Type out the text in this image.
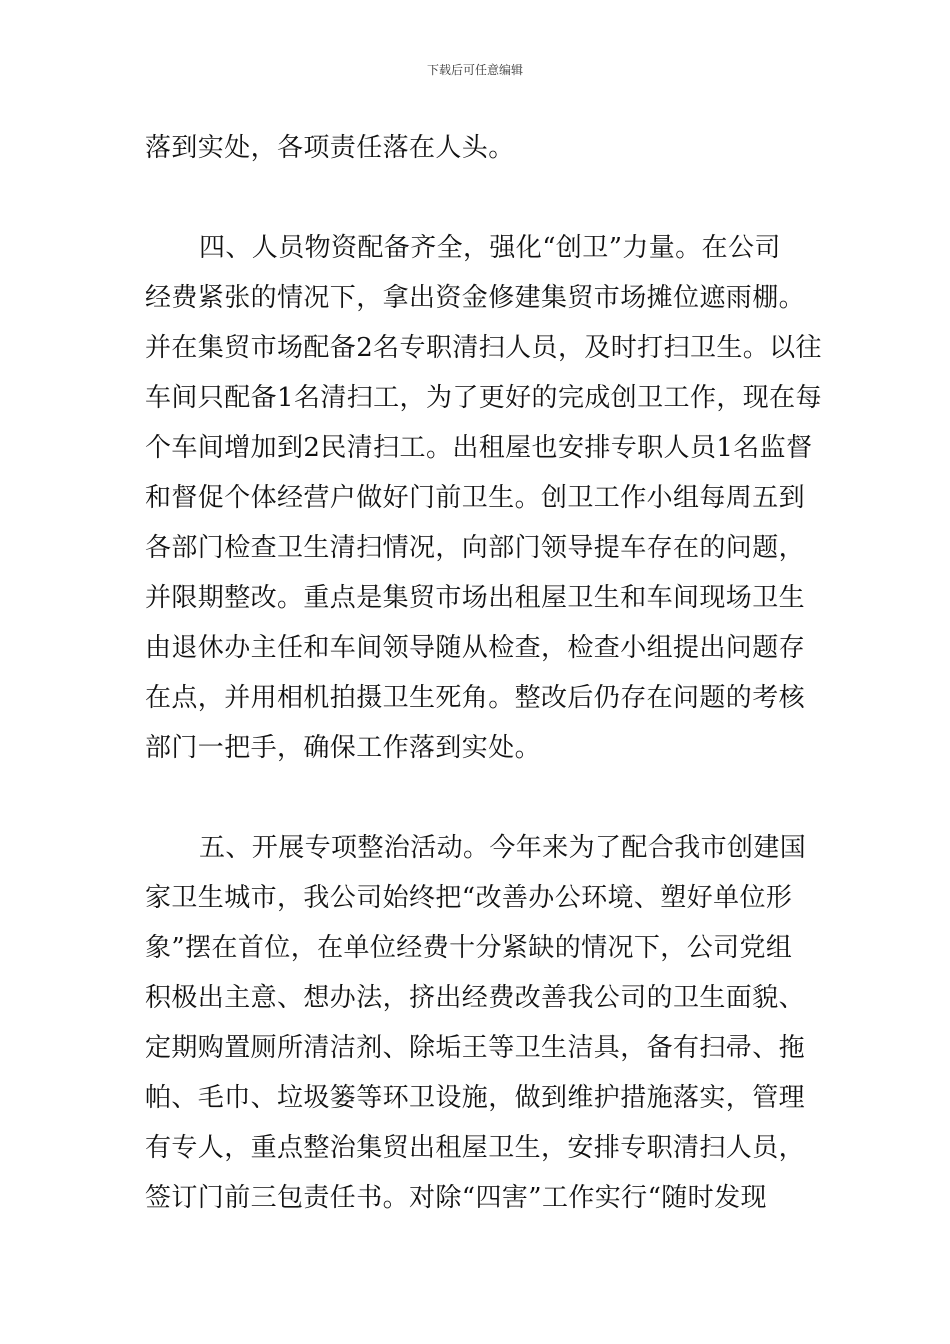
下载后可任意编辑
落到实处，各项责任落在人头。
四、人员物资配备齐全，强化“创卫”力量。在公司
经费紧张的情况下，拿出资金修建集贸市场摊位遮雨棚。
并在集贸市场配备2名专职清扫人员，及时打扫卫生。以往
车间只配备1名清扫工，为了更好的完成创卫工作，现在每
个车间增加到2民清扫工。出租屋也安排专职人员1名监督
和督促个体经营户做好门前卫生。创卫工作小组每周五到
各部门检查卫生清扫情况，向部门领导提车存在的问题，
并限期整改。重点是集贸市场出租屋卫生和车间现场卫生
由退休办主任和车间领导随从检查，检查小组提出问题存
在点，并用相机拍摄卫生死角。整改后仍存在问题的考核
部门一把手，确保工作落到实处。
五、开展专项整治活动。今年来为了配合我市创建国
家卫生城市，我公司始终把“改善办公环境、塑好单位形
象”摆在首位，在单位经费十分紧缺的情况下，公司党组
积极出主意、想办法，挤出经费改善我公司的卫生面貌、
定期购置厕所清洁剂、除垢王等卫生洁具，备有扫帚、拖
帕、毛巾、垃圾篓等环卫设施，做到维护措施落实，管理
有专人，重点整治集贸出租屋卫生，安排专职清扫人员，
签订门前三包责任书。对除“四害”工作实行“随时发现
